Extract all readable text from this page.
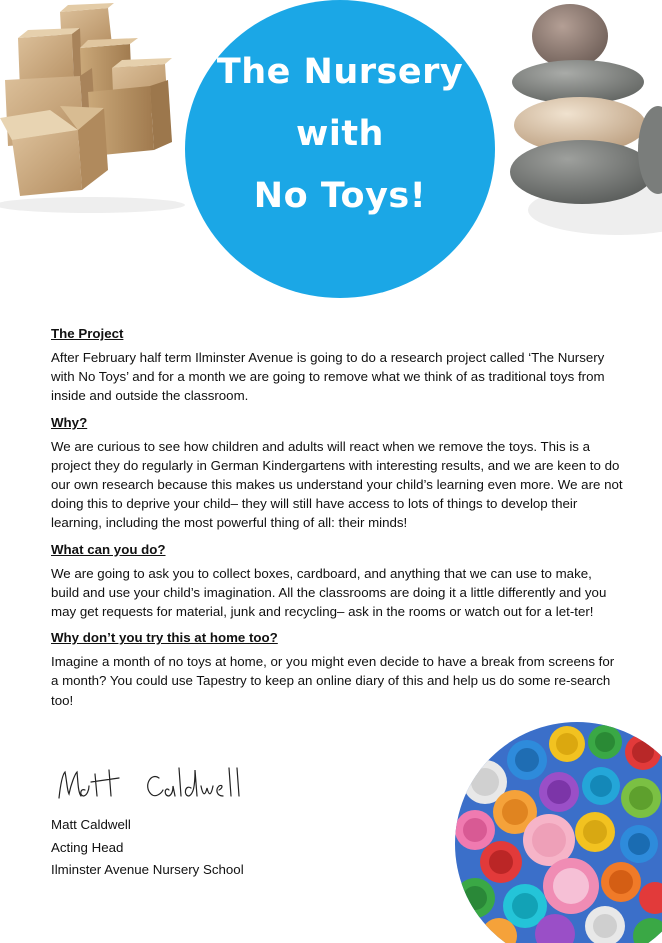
The Nursery
with
No Toys!
The Project

After February half term Ilminster Avenue is going to do a research project called ‘The Nursery with No Toys’ and for a month we are going to remove what we think of as traditional toys from inside and outside the classroom.

Why?

We are curious to see how children and adults will react when we remove the toys. This is a project they do regularly in German Kindergartens with interesting results, and we are keen to do our own research because this makes us understand your child’s learning even more. We are not doing this to deprive your child– they will still have access to lots of things to develop their learning, including the most powerful thing of all: their minds!

What can you do?

We are going to ask you to collect boxes, cardboard, and anything that we can use to make, build and use your child’s imagination. All the classrooms are doing it a little differently and you may get requests for material, junk and recycling– ask in the rooms or watch out for a let-ter!

Why don’t you try this at home too?

Imagine a month of no toys at home, or you might even decide to have a break from screens for a month? You could use Tapestry to keep an online diary of this and help us do some re-search too!

Matt Caldwell
Acting Head
Ilminster Avenue Nursery School
